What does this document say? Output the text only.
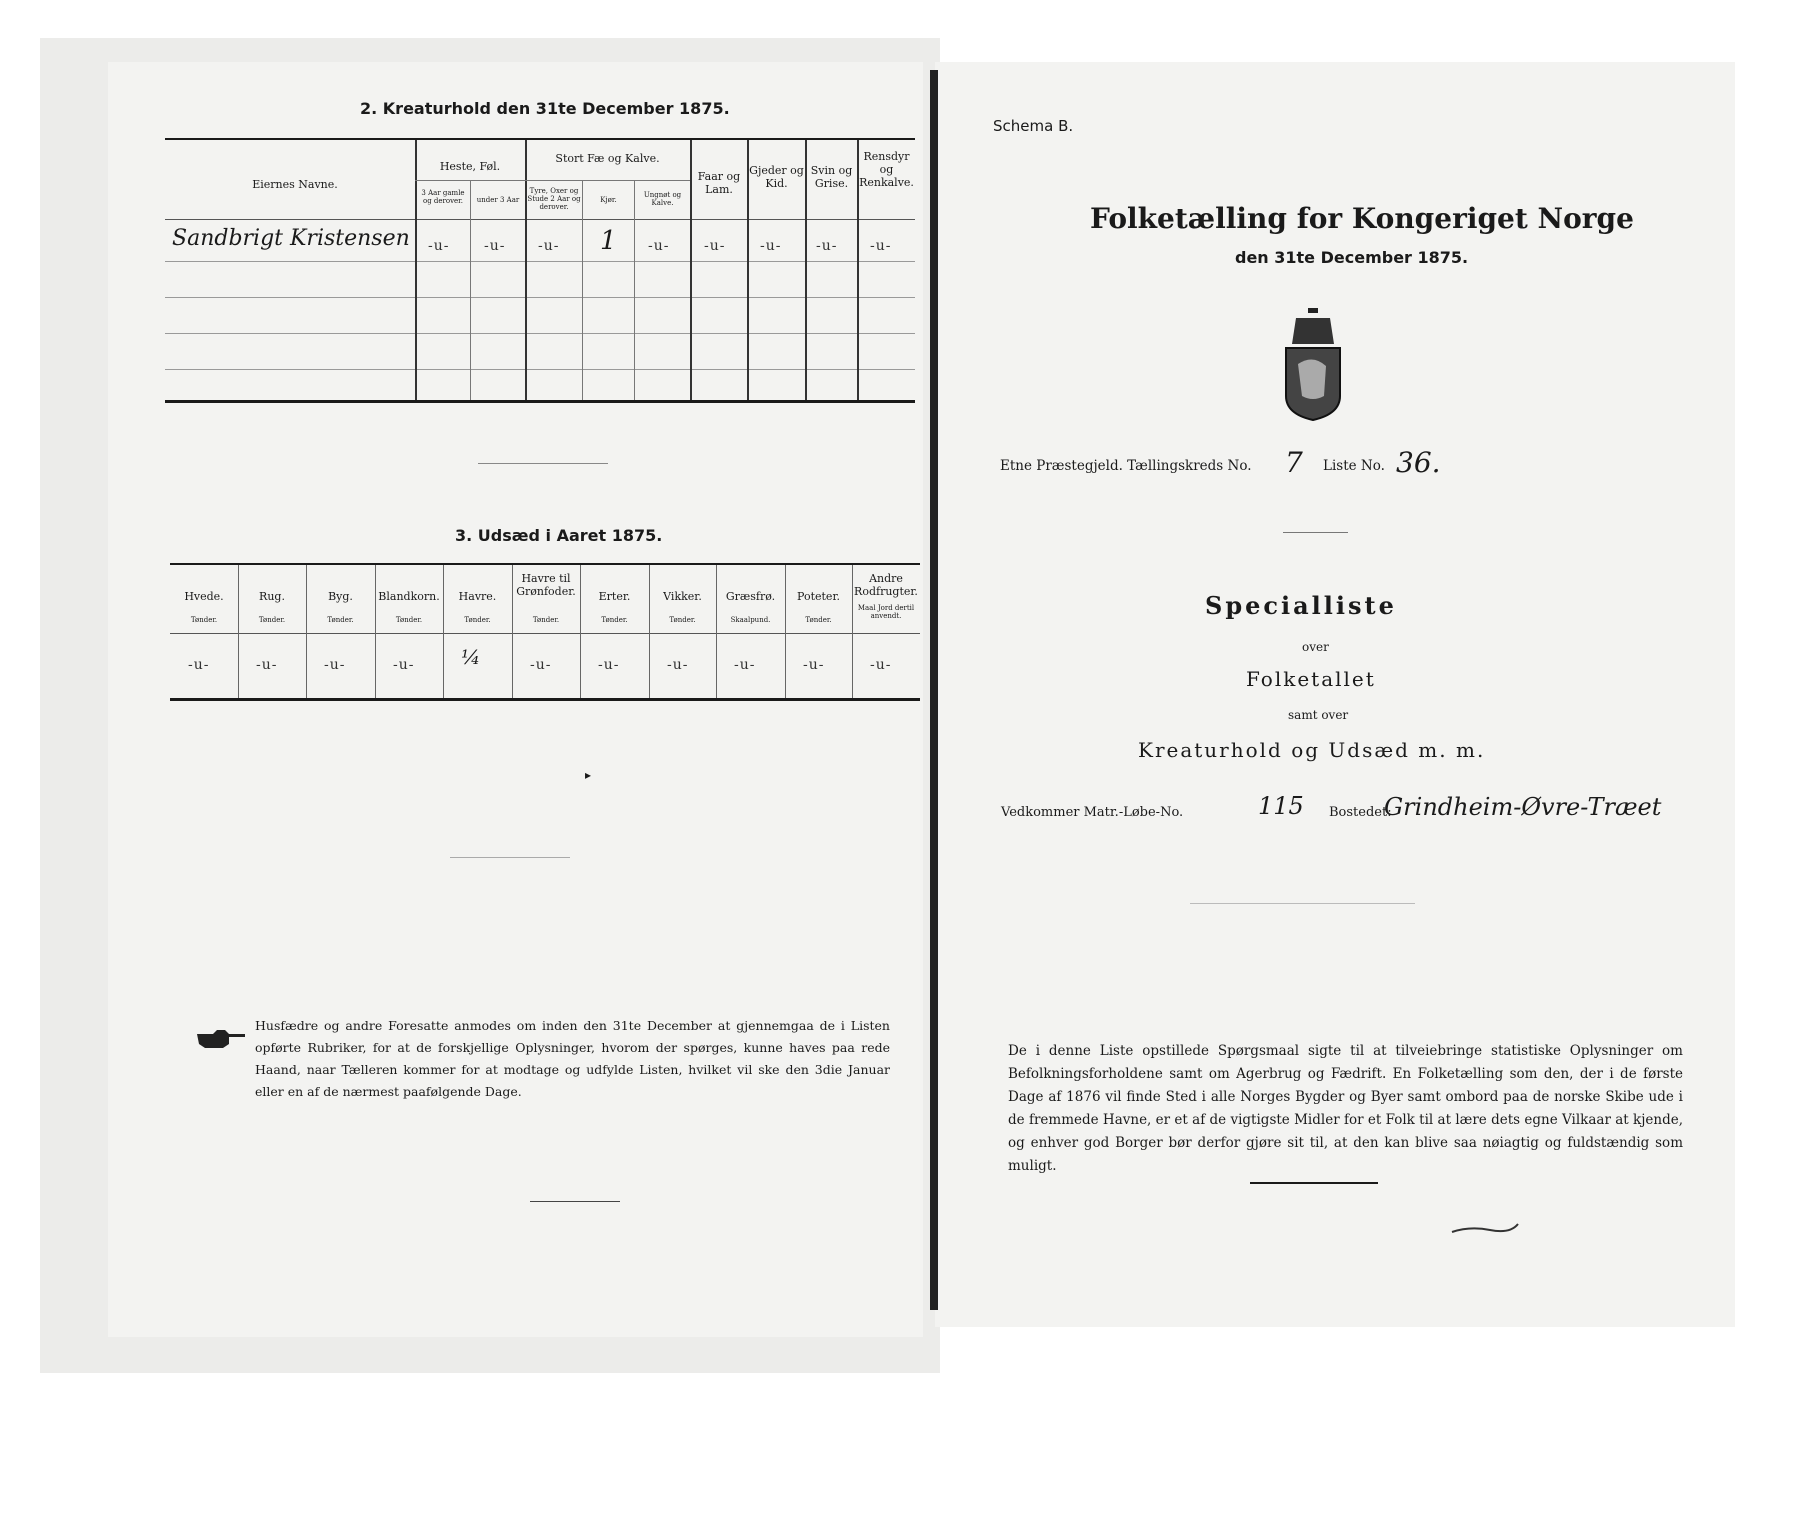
2. Kreaturhold den 31te December 1875.
Eiernes Navne.
Heste, Føl.
3 Aar gamle og derover.	under 3 Aar
Stort Fæ og Kalve.
Tyre, Oxer og Stude 2 Aar og derover.
Kjør.
Ungnøt og Kalve.
Faar og Lam.
Gjeder og Kid.
Svin og Grise.
Rensdyr og Renkalve.
Sandbrigt Kristensen -u- -u- -u- 1 -u- -u- -u- -u- -u-
3. Udsæd i Aaret 1875.
Hvede.
Tønder.
-u-
Rug.
Tønder.
-u-
Byg.
Tønder.
-u-
Blandkorn.
Tønder.
-u-
Havre.
Tønder.
¼
Havre til Grønfoder.
Tønder.
-u-
Erter.
Tønder.
-u-
Vikker.
Tønder.
-u-
Græsfrø.
Skaalpund.
-u-
Poteter.
Tønder.
-u-
Andre Rodfrugter.
Maal Jord dertil anvendt.
-u-
▸
Husfædre og andre Foresatte anmodes om inden den 31te December at gjennemgaa de i Listen opførte Rubriker, for at de forskjellige Oplysninger, hvorom der spørges, kunne haves paa rede Haand, naar Tælleren kommer for at modtage og udfylde Listen, hvilket vil ske den 3die Januar eller en af de nærmest paafølgende Dage.
Schema B.
Folketælling for Kongeriget Norge
den 31te December 1875.
Etne Præstegjeld. Tællingskreds No. 7 Liste No. 36.
Specialliste
over
Folketallet
samt over
Kreaturhold og Udsæd m. m.
Vedkommer Matr.-Løbe-No.	115 Bostedet:
Grindheim-Øvre-Træet
De i denne Liste opstillede Spørgsmaal sigte til at tilveiebringe statistiske Oplysninger om Befolkningsforholdene samt om Agerbrug og Fædrift. En Folketælling som den, der i de første Dage af 1876 vil finde Sted i alle Norges Bygder og Byer samt ombord paa de norske Skibe ude i de fremmede Havne, er et af de vigtigste Midler for et Folk til at lære dets egne Vilkaar at kjende, og enhver god Borger bør derfor gjøre sit til, at den kan blive saa nøiagtig og fuldstændig som muligt.
